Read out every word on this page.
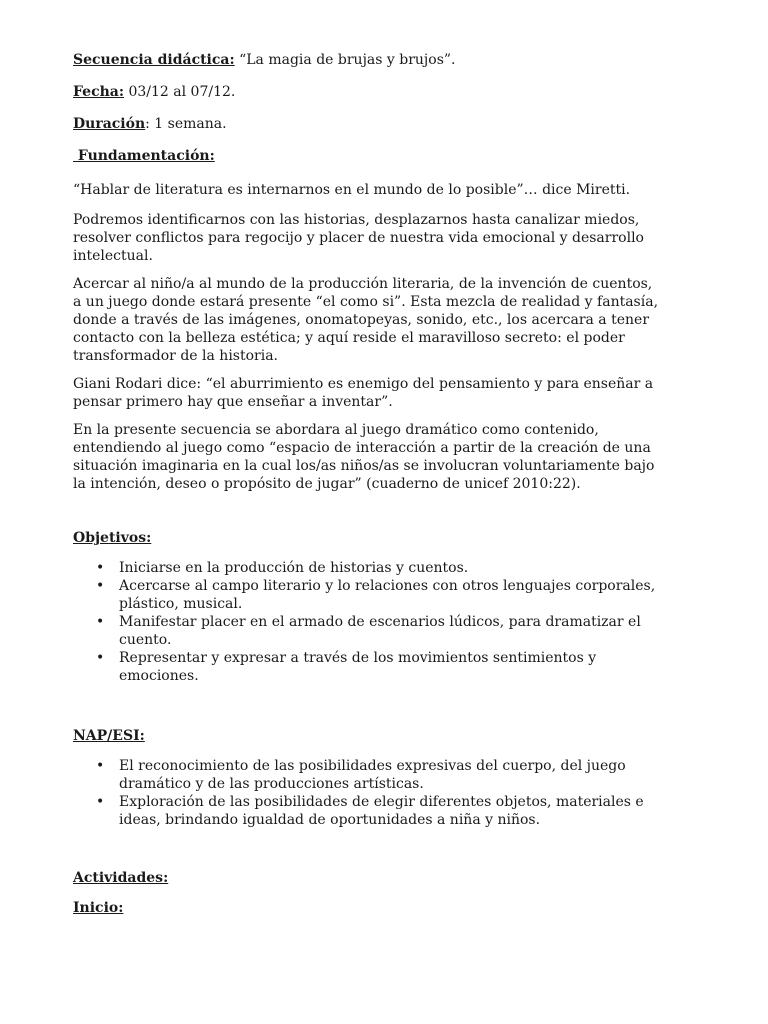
Secuencia didáctica: “La magia de brujas y brujos”.

Fecha: 03/12 al 07/12.

Duración: 1 semana.

Fundamentación:

“Hablar de literatura es internarnos en el mundo de lo posible”… dice Miretti.

Podremos identificarnos con las historias, desplazarnos hasta canalizar miedos, resolver conflictos para regocijo y placer de nuestra vida emocional y desarrollo intelectual.

Acercar al niño/a al mundo de la producción literaria, de la invención de cuentos, a un juego donde estará presente “el como si”. Esta mezcla de realidad y fantasía, donde a través de las imágenes, onomatopeyas, sonido, etc., los acercara a tener contacto con la belleza estética; y aquí reside el maravilloso secreto: el poder transformador de la historia.

Giani Rodari dice: “el aburrimiento es enemigo del pensamiento y para enseñar a pensar primero hay que enseñar a inventar”.

En la presente secuencia se abordara al juego dramático como contenido, entendiendo al juego como “espacio de interacción a partir de la creación de una situación imaginaria en la cual los/as niños/as se involucran voluntariamente bajo la intención, deseo o propósito de jugar” (cuaderno de unicef 2010:22).

Objetivos:

• Iniciarse en la producción de historias y cuentos.
• Acercarse al campo literario y lo relaciones con otros lenguajes corporales, plástico, musical.
• Manifestar placer en el armado de escenarios lúdicos, para dramatizar el cuento.
• Representar y expresar a través de los movimientos sentimientos y emociones.

NAP/ESI:

• El reconocimiento de las posibilidades expresivas del cuerpo, del juego dramático y de las producciones artísticas.
• Exploración de las posibilidades de elegir diferentes objetos, materiales e ideas, brindando igualdad de oportunidades a niña y niños.

Actividades:

Inicio:
